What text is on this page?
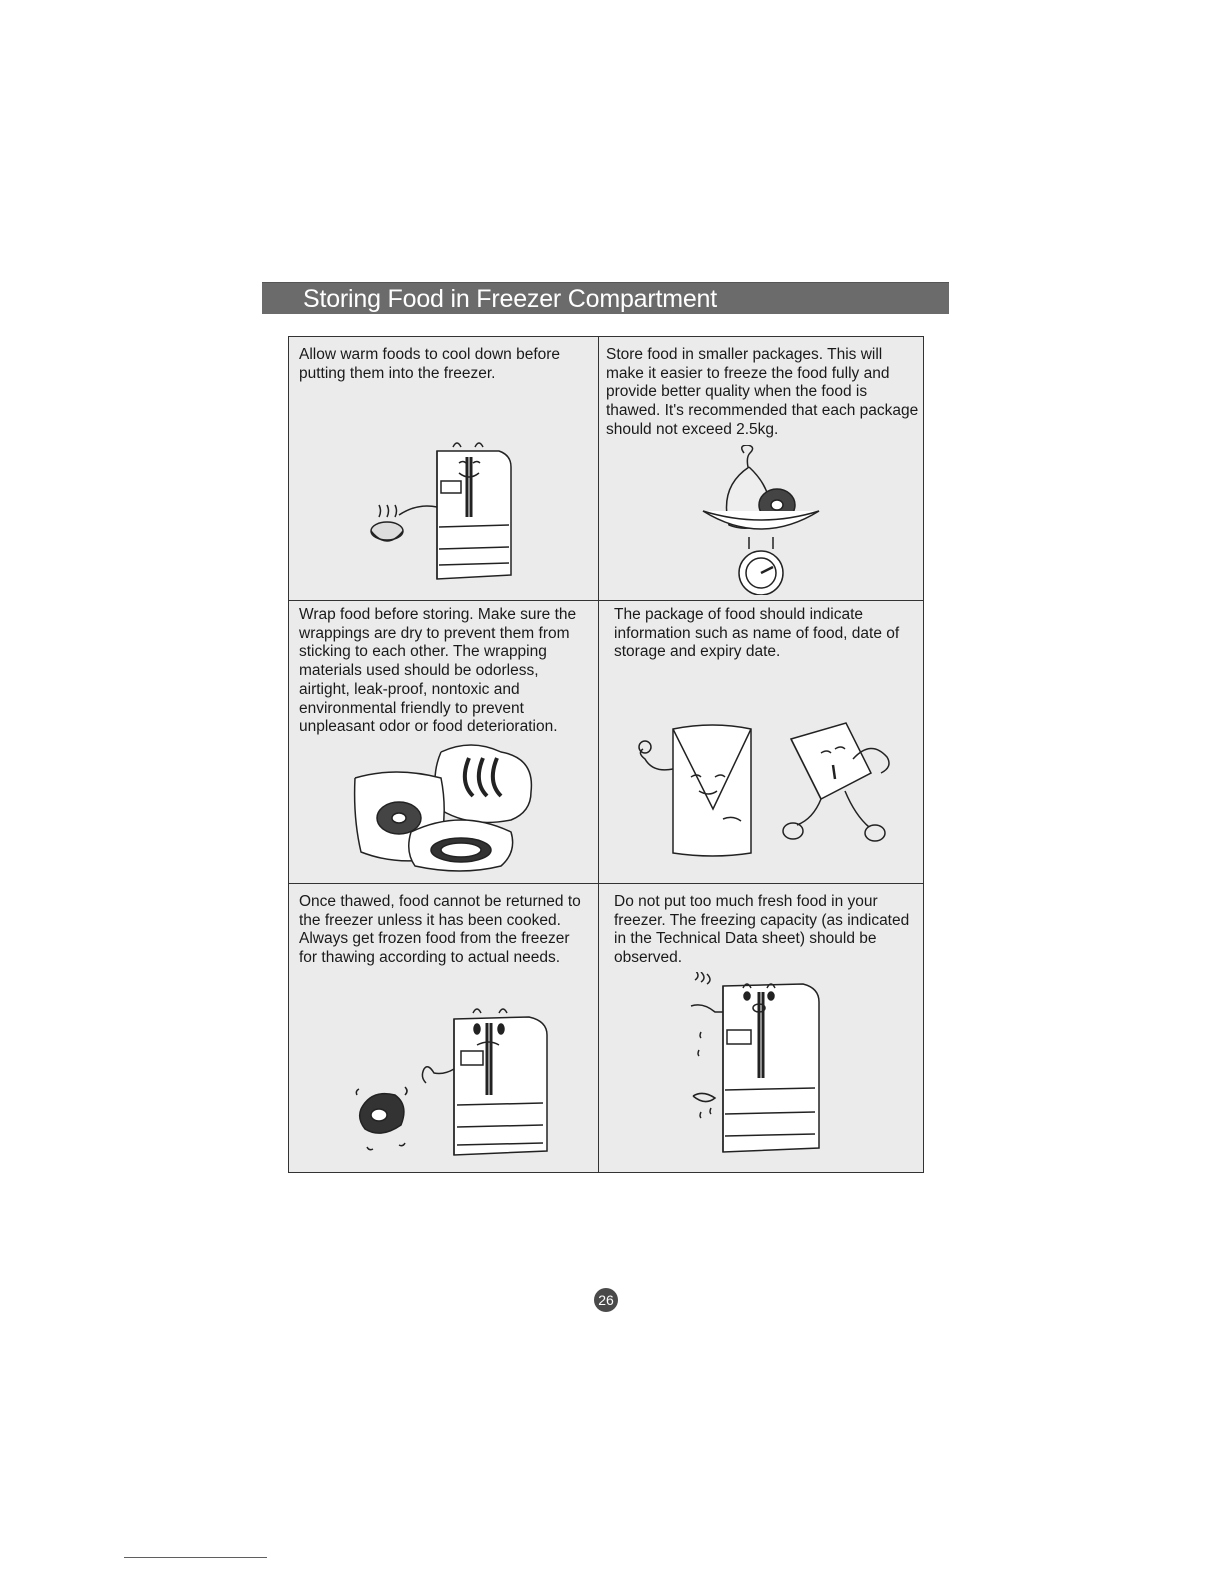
Storing Food in Freezer Compartment

Allow warm foods to cool down before putting them into the freezer.

Store food in smaller packages. This will make it easier to freeze the food fully and provide better quality when the food is thawed. It's recommended that each package should not exceed 2.5kg.

Wrap food before storing. Make sure the wrappings are dry to prevent them from sticking to each other. The wrapping materials used should be odorless, airtight, leak-proof, nontoxic and environmental friendly to prevent unpleasant odor or food deterioration.

The package of food should indicate information such as name of food, date of storage and expiry date.

Once thawed, food cannot be returned to the freezer unless it has been cooked. Always get frozen food from the freezer for thawing according to actual needs.

Do not put too much fresh food in your freezer. The freezing capacity (as indicated in the Technical Data sheet) should be observed.

26
